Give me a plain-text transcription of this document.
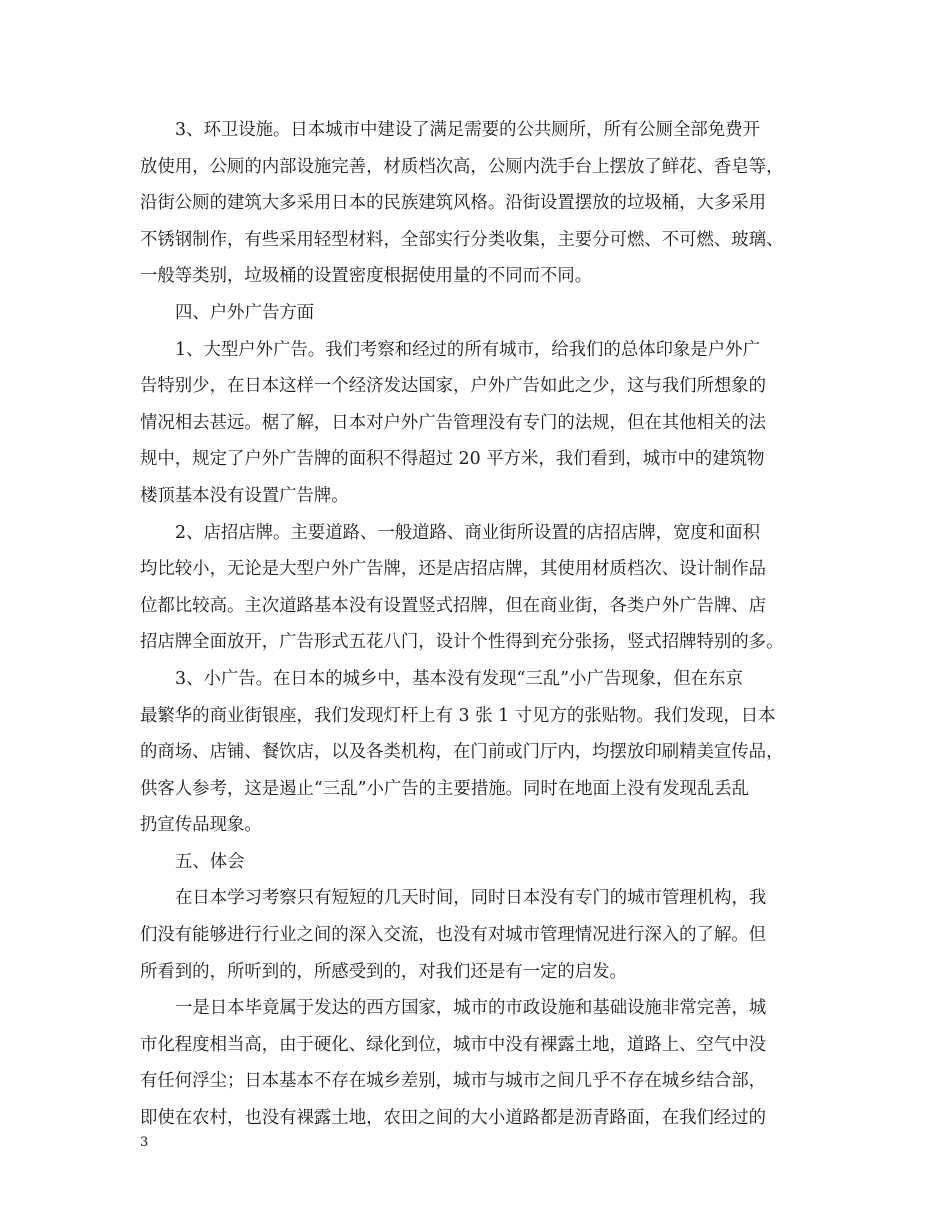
3、环卫设施。日本城市中建设了满足需要的公共厕所，所有公厕全部免费开
放使用，公厕的内部设施完善，材质档次高，公厕内洗手台上摆放了鲜花、香皂等，
沿街公厕的建筑大多采用日本的民族建筑风格。沿街设置摆放的垃圾桶，大多采用
不锈钢制作，有些采用轻型材料，全部实行分类收集，主要分可燃、不可燃、玻璃、
一般等类别，垃圾桶的设置密度根据使用量的不同而不同。
四、户外广告方面
1、大型户外广告。我们考察和经过的所有城市，给我们的总体印象是户外广
告特别少，在日本这样一个经济发达国家，户外广告如此之少，这与我们所想象的
情况相去甚远。椐了解，日本对户外广告管理没有专门的法规，但在其他相关的法
规中，规定了户外广告牌的面积不得超过 20 平方米，我们看到，城市中的建筑物
楼顶基本没有设置广告牌。
2、店招店牌。主要道路、一般道路、商业街所设置的店招店牌，宽度和面积
均比较小，无论是大型户外广告牌，还是店招店牌，其使用材质档次、设计制作品
位都比较高。主次道路基本没有设置竖式招牌，但在商业街，各类户外广告牌、店
招店牌全面放开，广告形式五花八门，设计个性得到充分张扬，竖式招牌特别的多。
3、小广告。在日本的城乡中，基本没有发现“三乱”小广告现象，但在东京
最繁华的商业街银座，我们发现灯杆上有 3 张 1 寸见方的张贴物。我们发现，日本
的商场、店铺、餐饮店，以及各类机构，在门前或门厅内，均摆放印刷精美宣传品，
供客人参考，这是遏止“三乱”小广告的主要措施。同时在地面上没有发现乱丢乱
扔宣传品现象。
五、体会
在日本学习考察只有短短的几天时间，同时日本没有专门的城市管理机构，我
们没有能够进行行业之间的深入交流，也没有对城市管理情况进行深入的了解。但
所看到的，所听到的，所感受到的，对我们还是有一定的启发。
一是日本毕竟属于发达的西方国家，城市的市政设施和基础设施非常完善，城
市化程度相当高，由于硬化、绿化到位，城市中没有裸露土地，道路上、空气中没
有任何浮尘；日本基本不存在城乡差别，城市与城市之间几乎不存在城乡结合部，
即使在农村，也没有裸露土地，农田之间的大小道路都是沥青路面，在我们经过的
3
